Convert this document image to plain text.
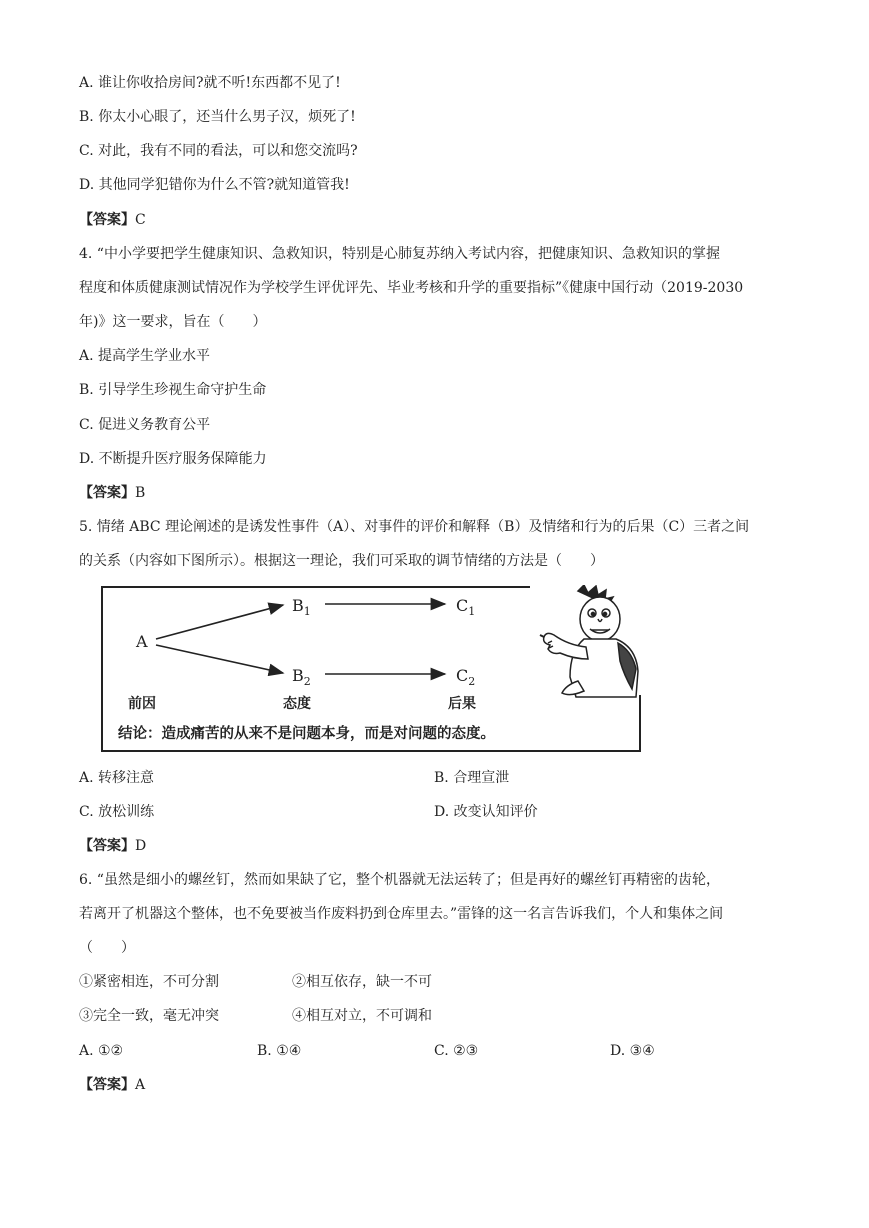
A. 谁让你收拾房间?就不听!东西都不见了!
B. 你太小心眼了，还当什么男子汉，烦死了!
C. 对此，我有不同的看法，可以和您交流吗?
D. 其他同学犯错你为什么不管?就知道管我!
【答案】C
4. “中小学要把学生健康知识、急救知识，特别是心肺复苏纳入考试内容，把健康知识、急救知识的掌握
程度和体质健康测试情况作为学校学生评优评先、毕业考核和升学的重要指标”《健康中国行动（2019-2030
年)》这一要求，旨在（　　）
A. 提高学生学业水平
B. 引导学生珍视生命守护生命
C. 促进义务教育公平
D. 不断提升医疗服务保障能力
【答案】B
5. 情绪 ABC 理论阐述的是诱发性事件（A）、对事件的评价和解释（B）及情绪和行为的后果（C）三者之间
的关系（内容如下图所示）。根据这一理论，我们可采取的调节情绪的方法是（　　）
A
$B_1$	$C_1$
$B_2$	$C_2$
前因	态度	后果
结论：造成痛苦的从来不是问题本身，而是对问题的态度。
A. 转移注意	B. 合理宣泄
C. 放松训练	D. 改变认知评价
【答案】D
6. “虽然是细小的螺丝钉，然而如果缺了它，整个机器就无法运转了；但是再好的螺丝钉再精密的齿轮，
若离开了机器这个整体，也不免要被当作废料扔到仓库里去。”雷锋的这一名言告诉我们，个人和集体之间
（　　）
①紧密相连，不可分割	②相互依存，缺一不可
③完全一致，毫无冲突	④相互对立，不可调和
A. ①②	B. ①④	C. ②③	D. ③④
【答案】A
